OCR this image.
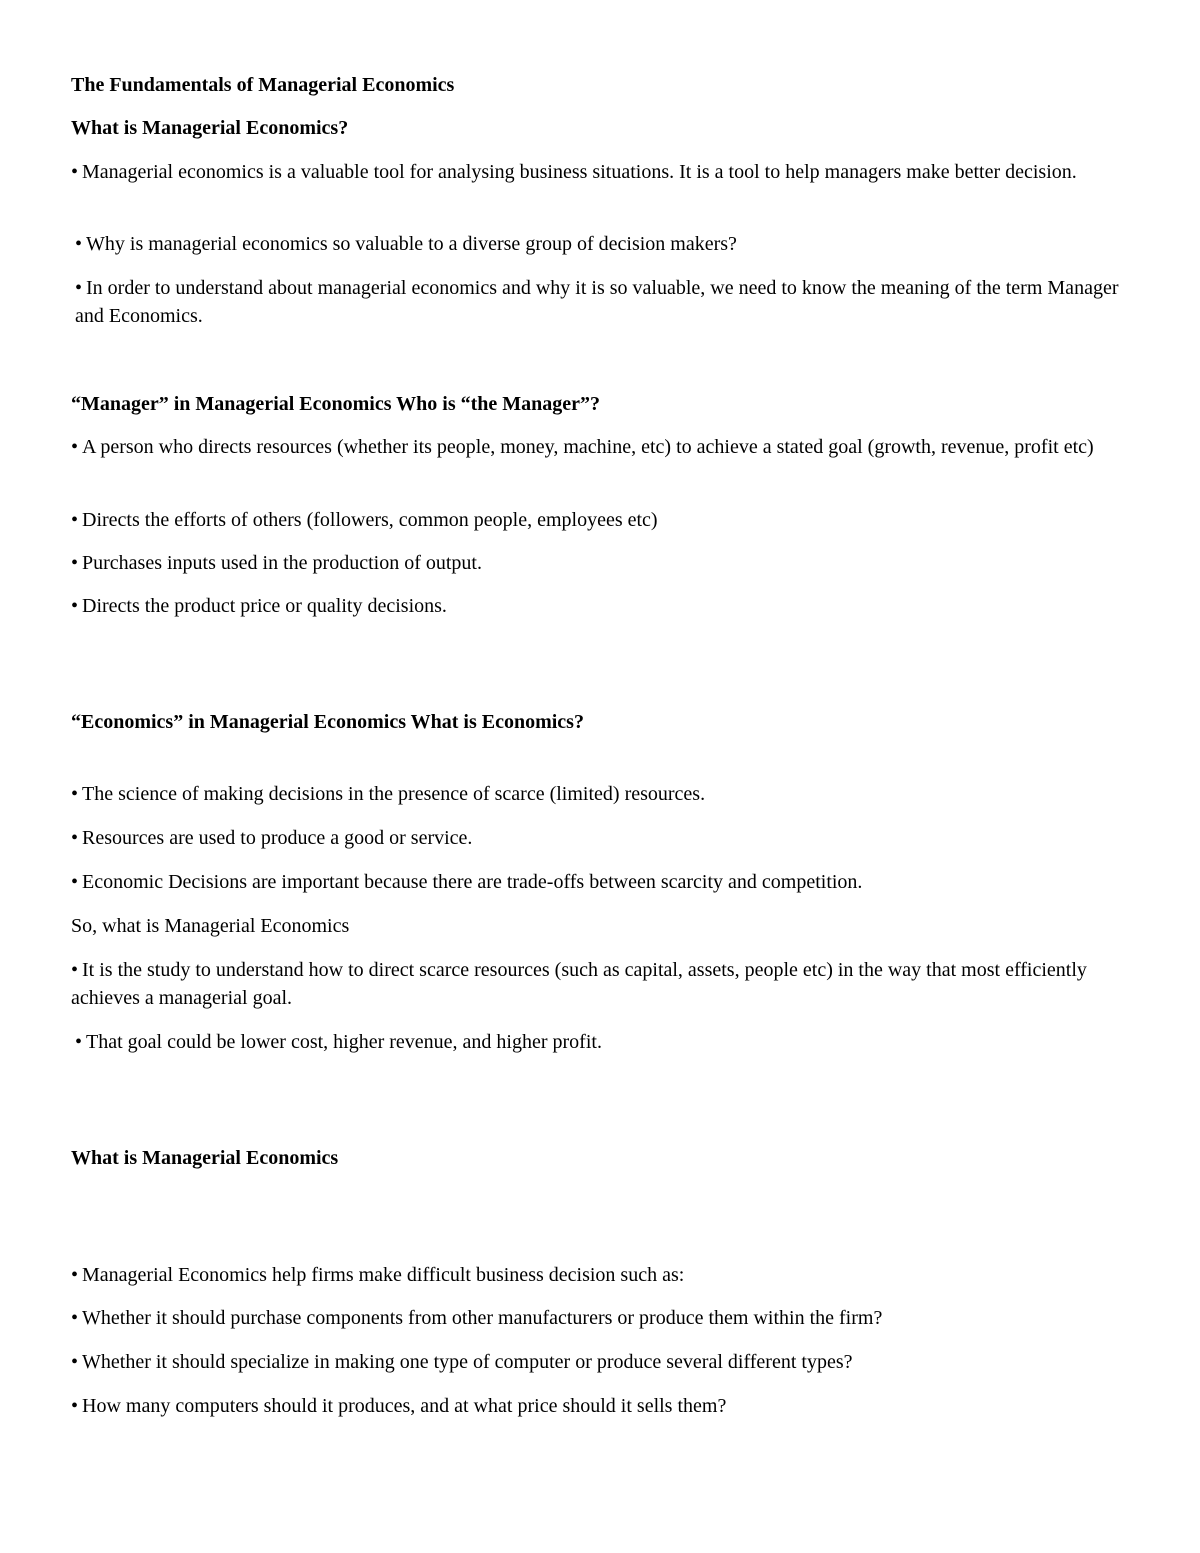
The Fundamentals of Managerial Economics

What is Managerial Economics?

• Managerial economics is a valuable tool for analysing business situations. It is a tool to help managers make better decision.

• Why is managerial economics so valuable to a diverse group of decision makers?

• In order to understand about managerial economics and why it is so valuable, we need to know the meaning of the term Manager and Economics.

“Manager” in Managerial Economics Who is “the Manager”?

• A person who directs resources (whether its people, money, machine, etc) to achieve a stated goal (growth, revenue, profit etc)

• Directs the efforts of others (followers, common people, employees etc)

• Purchases inputs used in the production of output.

• Directs the product price or quality decisions.

“Economics” in Managerial Economics What is Economics?

• The science of making decisions in the presence of scarce (limited) resources.

• Resources are used to produce a good or service.

• Economic Decisions are important because there are trade-offs between scarcity and competition.

So, what is Managerial Economics

• It is the study to understand how to direct scarce resources (such as capital, assets, people etc) in the way that most efficiently achieves a managerial goal.

• That goal could be lower cost, higher revenue, and higher profit.

What is Managerial Economics

• Managerial Economics help firms make difficult business decision such as:

• Whether it should purchase components from other manufacturers or produce them within the firm?

• Whether it should specialize in making one type of computer or produce several different types?

• How many computers should it produces, and at what price should it sells them?
